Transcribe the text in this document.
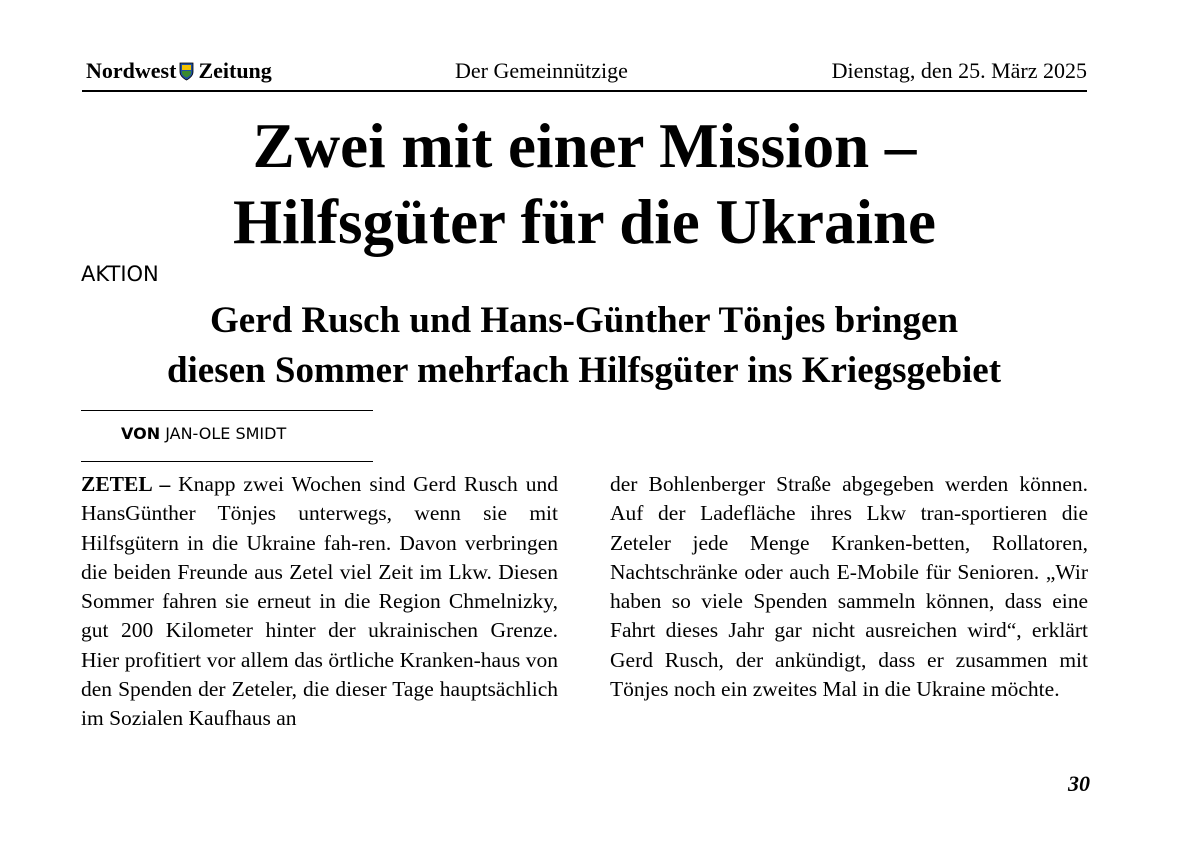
Nordwest Zeitung	Der Gemeinnützige	Dienstag, den 25. März 2025
Zwei mit einer Mission –
Hilfsgüter für die Ukraine
AKTION
Gerd Rusch und Hans-Günther Tönjes bringen
diesen Sommer mehrfach Hilfsgüter ins Kriegsgebiet
VON JAN-OLE SMIDT

ZETEL – Knapp zwei Wochen sind Gerd Rusch und HansGünther Tönjes unterwegs, wenn sie mit Hilfsgütern in die Ukraine fah-ren. Davon verbringen die beiden Freunde aus Zetel viel Zeit im Lkw. Diesen Sommer fahren sie erneut in die Region Chmelnizky, gut 200 Kilometer hinter der ukrainischen Grenze. Hier profitiert vor allem das örtliche Kranken-haus von den Spenden der Zeteler, die dieser Tage hauptsächlich im Sozialen Kaufhaus an

der Bohlenberger Straße abgegeben werden können. Auf der Ladefläche ihres Lkw tran-sportieren die Zeteler jede Menge Kranken-betten, Rollatoren, Nachtschränke oder auch E-Mobile für Senioren. „Wir haben so viele Spenden sammeln können, dass eine Fahrt dieses Jahr gar nicht ausreichen wird“, erklärt Gerd Rusch, der ankündigt, dass er zusammen mit Tönjes noch ein zweites Mal in die Ukraine möchte.

30
